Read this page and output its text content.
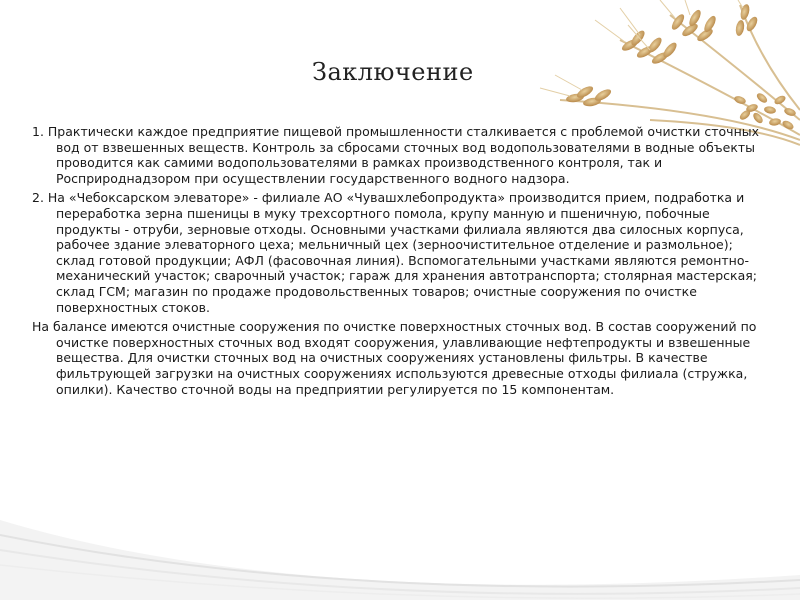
Заключение

1. Практически каждое предприятие пищевой промышленности сталкивается с проблемой очистки сточных вод от взвешенных веществ. Контроль за сбросами сточных вод водопользователями в водные объекты проводится как самими водопользователями в рамках производственного контроля, так и Росприроднадзором при осуществлении государственного водного надзора.

2. На «Чебоксарском элеваторе» - филиале АО «Чувашхлебопродукта» производится прием, подработка и переработка зерна пшеницы в муку трехсортного помола, крупу манную и пшеничную, побочные продукты - отруби, зерновые отходы. Основными участками филиала являются два силосных корпуса, рабочее здание элеваторного цеха; мельничный цех (зерноочистительное отделение и размольное); склад готовой продукции; АФЛ (фасовочная линия). Вспомогательными участками являются ремонтно-механический участок; сварочный участок; гараж для хранения автотранспорта; столярная мастерская; склад ГСМ; магазин по продаже продовольственных товаров; очистные сооружения по очистке поверхностных стоков.

На балансе имеются очистные сооружения по очистке поверхностных сточных вод. В состав сооружений по очистке поверхностных сточных вод входят сооружения, улавливающие нефтепродукты и взвешенные вещества. Для очистки сточных вод на очистных сооружениях установлены фильтры. В качестве фильтрующей загрузки на очистных сооружениях используются древесные отходы филиала (стружка, опилки). Качество сточной воды на предприятии регулируется по 15 компонентам.
